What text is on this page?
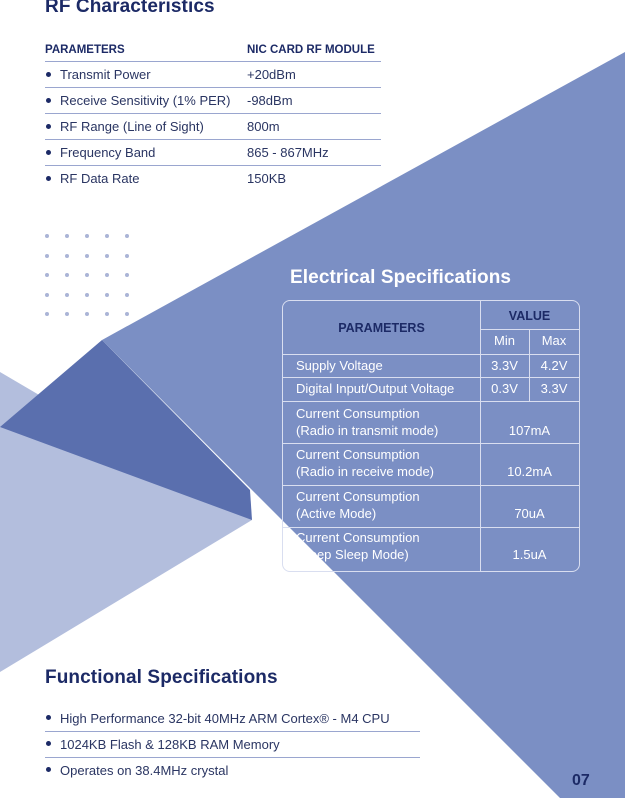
RF Characteristics
PARAMETERS	NIC CARD RF MODULE
Transmit Power	+20dBm
Receive Sensitivity (1% PER)	-98dBm
RF Range (Line of Sight)	800m
Frequency Band	865 - 867MHz
RF Data Rate	150KB
Electrical Specifications
PARAMETERS
VALUE
Min	Max
Supply Voltage	3.3V	4.2V
Digital Input/Output Voltage	0.3V	3.3V
Current Consumption
(Radio in transmit mode)	107mA
Current Consumption
(Radio in receive mode)	10.2mA
Current Consumption
(Active Mode)	70uA
Current Consumption
(Deep Sleep Mode)	1.5uA
Functional Specifications
High Performance 32-bit 40MHz ARM Cortex® - M4 CPU
1024KB Flash & 128KB RAM Memory
Operates on 38.4MHz crystal
07
